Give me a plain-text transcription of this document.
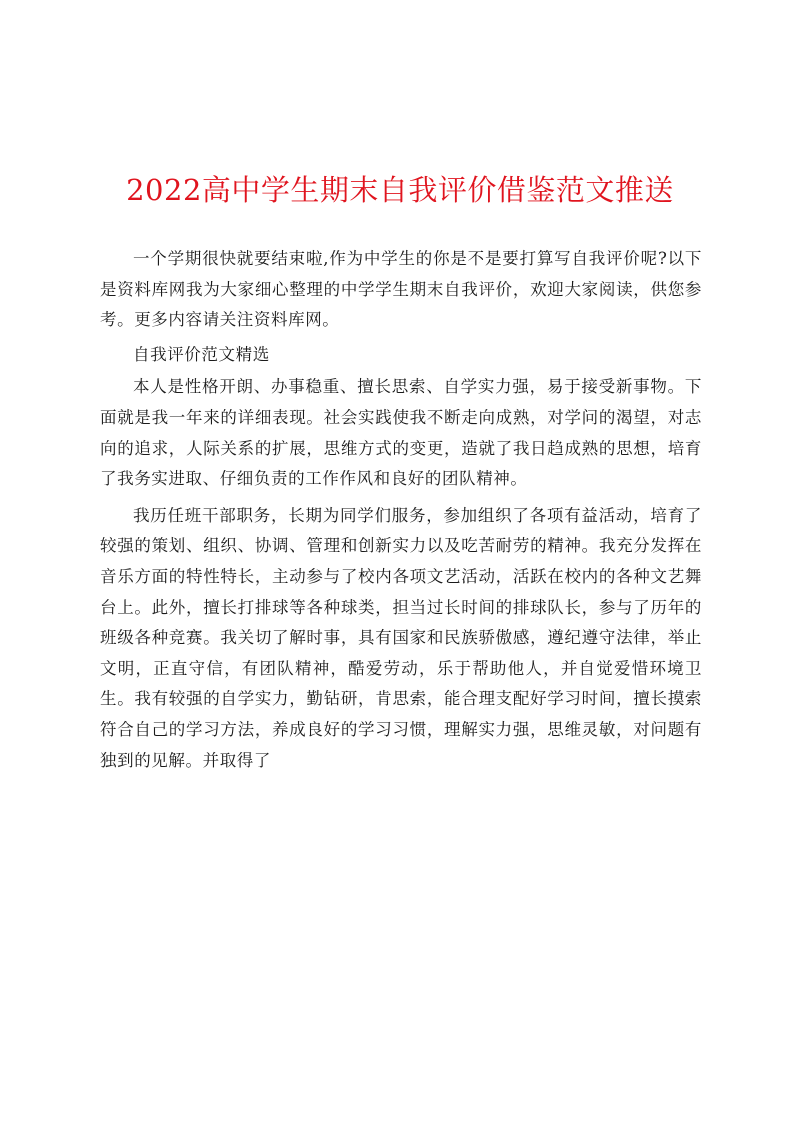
2022高中学生期末自我评价借鉴范文推送

一个学期很快就要结束啦,作为中学生的你是不是要打算写自我评价呢?以下是资料库网我为大家细心整理的中学学生期末自我评价，欢迎大家阅读，供您参考。更多内容请关注资料库网。

自我评价范文精选

本人是性格开朗、办事稳重、擅长思索、自学实力强，易于接受新事物。下面就是我一年来的详细表现。社会实践使我不断走向成熟，对学问的渴望，对志向的追求，人际关系的扩展，思维方式的变更，造就了我日趋成熟的思想，培育了我务实进取、仔细负责的工作作风和良好的团队精神。

我历任班干部职务，长期为同学们服务，参加组织了各项有益活动，培育了较强的策划、组织、协调、管理和创新实力以及吃苦耐劳的精神。我充分发挥在音乐方面的特性特长，主动参与了校内各项文艺活动，活跃在校内的各种文艺舞台上。此外，擅长打排球等各种球类，担当过长时间的排球队长，参与了历年的班级各种竞赛。我关切了解时事，具有国家和民族骄傲感，遵纪遵守法律，举止文明，正直守信，有团队精神，酷爱劳动，乐于帮助他人，并自觉爱惜环境卫生。我有较强的自学实力，勤钻研，肯思索，能合理支配好学习时间，擅长摸索符合自己的学习方法，养成良好的学习习惯，理解实力强，思维灵敏，对问题有独到的见解。并取得了
